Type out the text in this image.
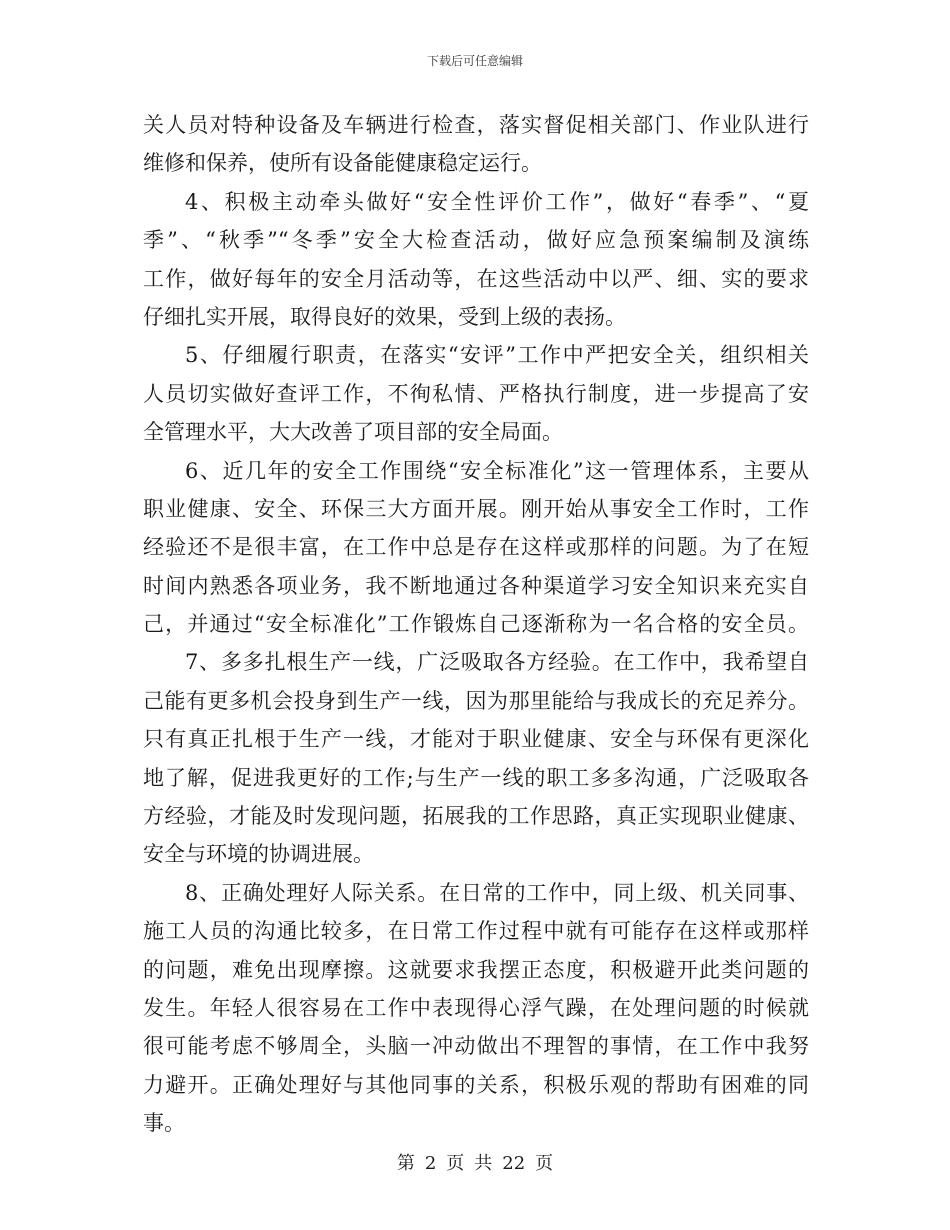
下载后可任意编辑
关人员对特种设备及车辆进行检查，落实督促相关部门、作业队进行
维修和保养，使所有设备能健康稳定运行。
4、积极主动牵头做好“安全性评价工作”，做好“春季”、“夏
季”、“秋季”“冬季”安全大检查活动，做好应急预案编制及演练
工作，做好每年的安全月活动等，在这些活动中以严、细、实的要求
仔细扎实开展，取得良好的效果，受到上级的表扬。
5、仔细履行职责，在落实“安评”工作中严把安全关，组织相关
人员切实做好查评工作，不徇私情、严格执行制度，进一步提高了安
全管理水平，大大改善了项目部的安全局面。
6、近几年的安全工作围绕“安全标准化”这一管理体系，主要从
职业健康、安全、环保三大方面开展。刚开始从事安全工作时，工作
经验还不是很丰富，在工作中总是存在这样或那样的问题。为了在短
时间内熟悉各项业务，我不断地通过各种渠道学习安全知识来充实自
己，并通过“安全标准化”工作锻炼自己逐渐称为一名合格的安全员。
7、多多扎根生产一线，广泛吸取各方经验。在工作中，我希望自
己能有更多机会投身到生产一线，因为那里能给与我成长的充足养分。
只有真正扎根于生产一线，才能对于职业健康、安全与环保有更深化
地了解，促进我更好的工作;与生产一线的职工多多沟通，广泛吸取各
方经验，才能及时发现问题，拓展我的工作思路，真正实现职业健康、
安全与环境的协调进展。
8、正确处理好人际关系。在日常的工作中，同上级、机关同事、
施工人员的沟通比较多，在日常工作过程中就有可能存在这样或那样
的问题，难免出现摩擦。这就要求我摆正态度，积极避开此类问题的
发生。年轻人很容易在工作中表现得心浮气躁，在处理问题的时候就
很可能考虑不够周全，头脑一冲动做出不理智的事情，在工作中我努
力避开。正确处理好与其他同事的关系，积极乐观的帮助有困难的同
事。
第 2 页 共 22 页
